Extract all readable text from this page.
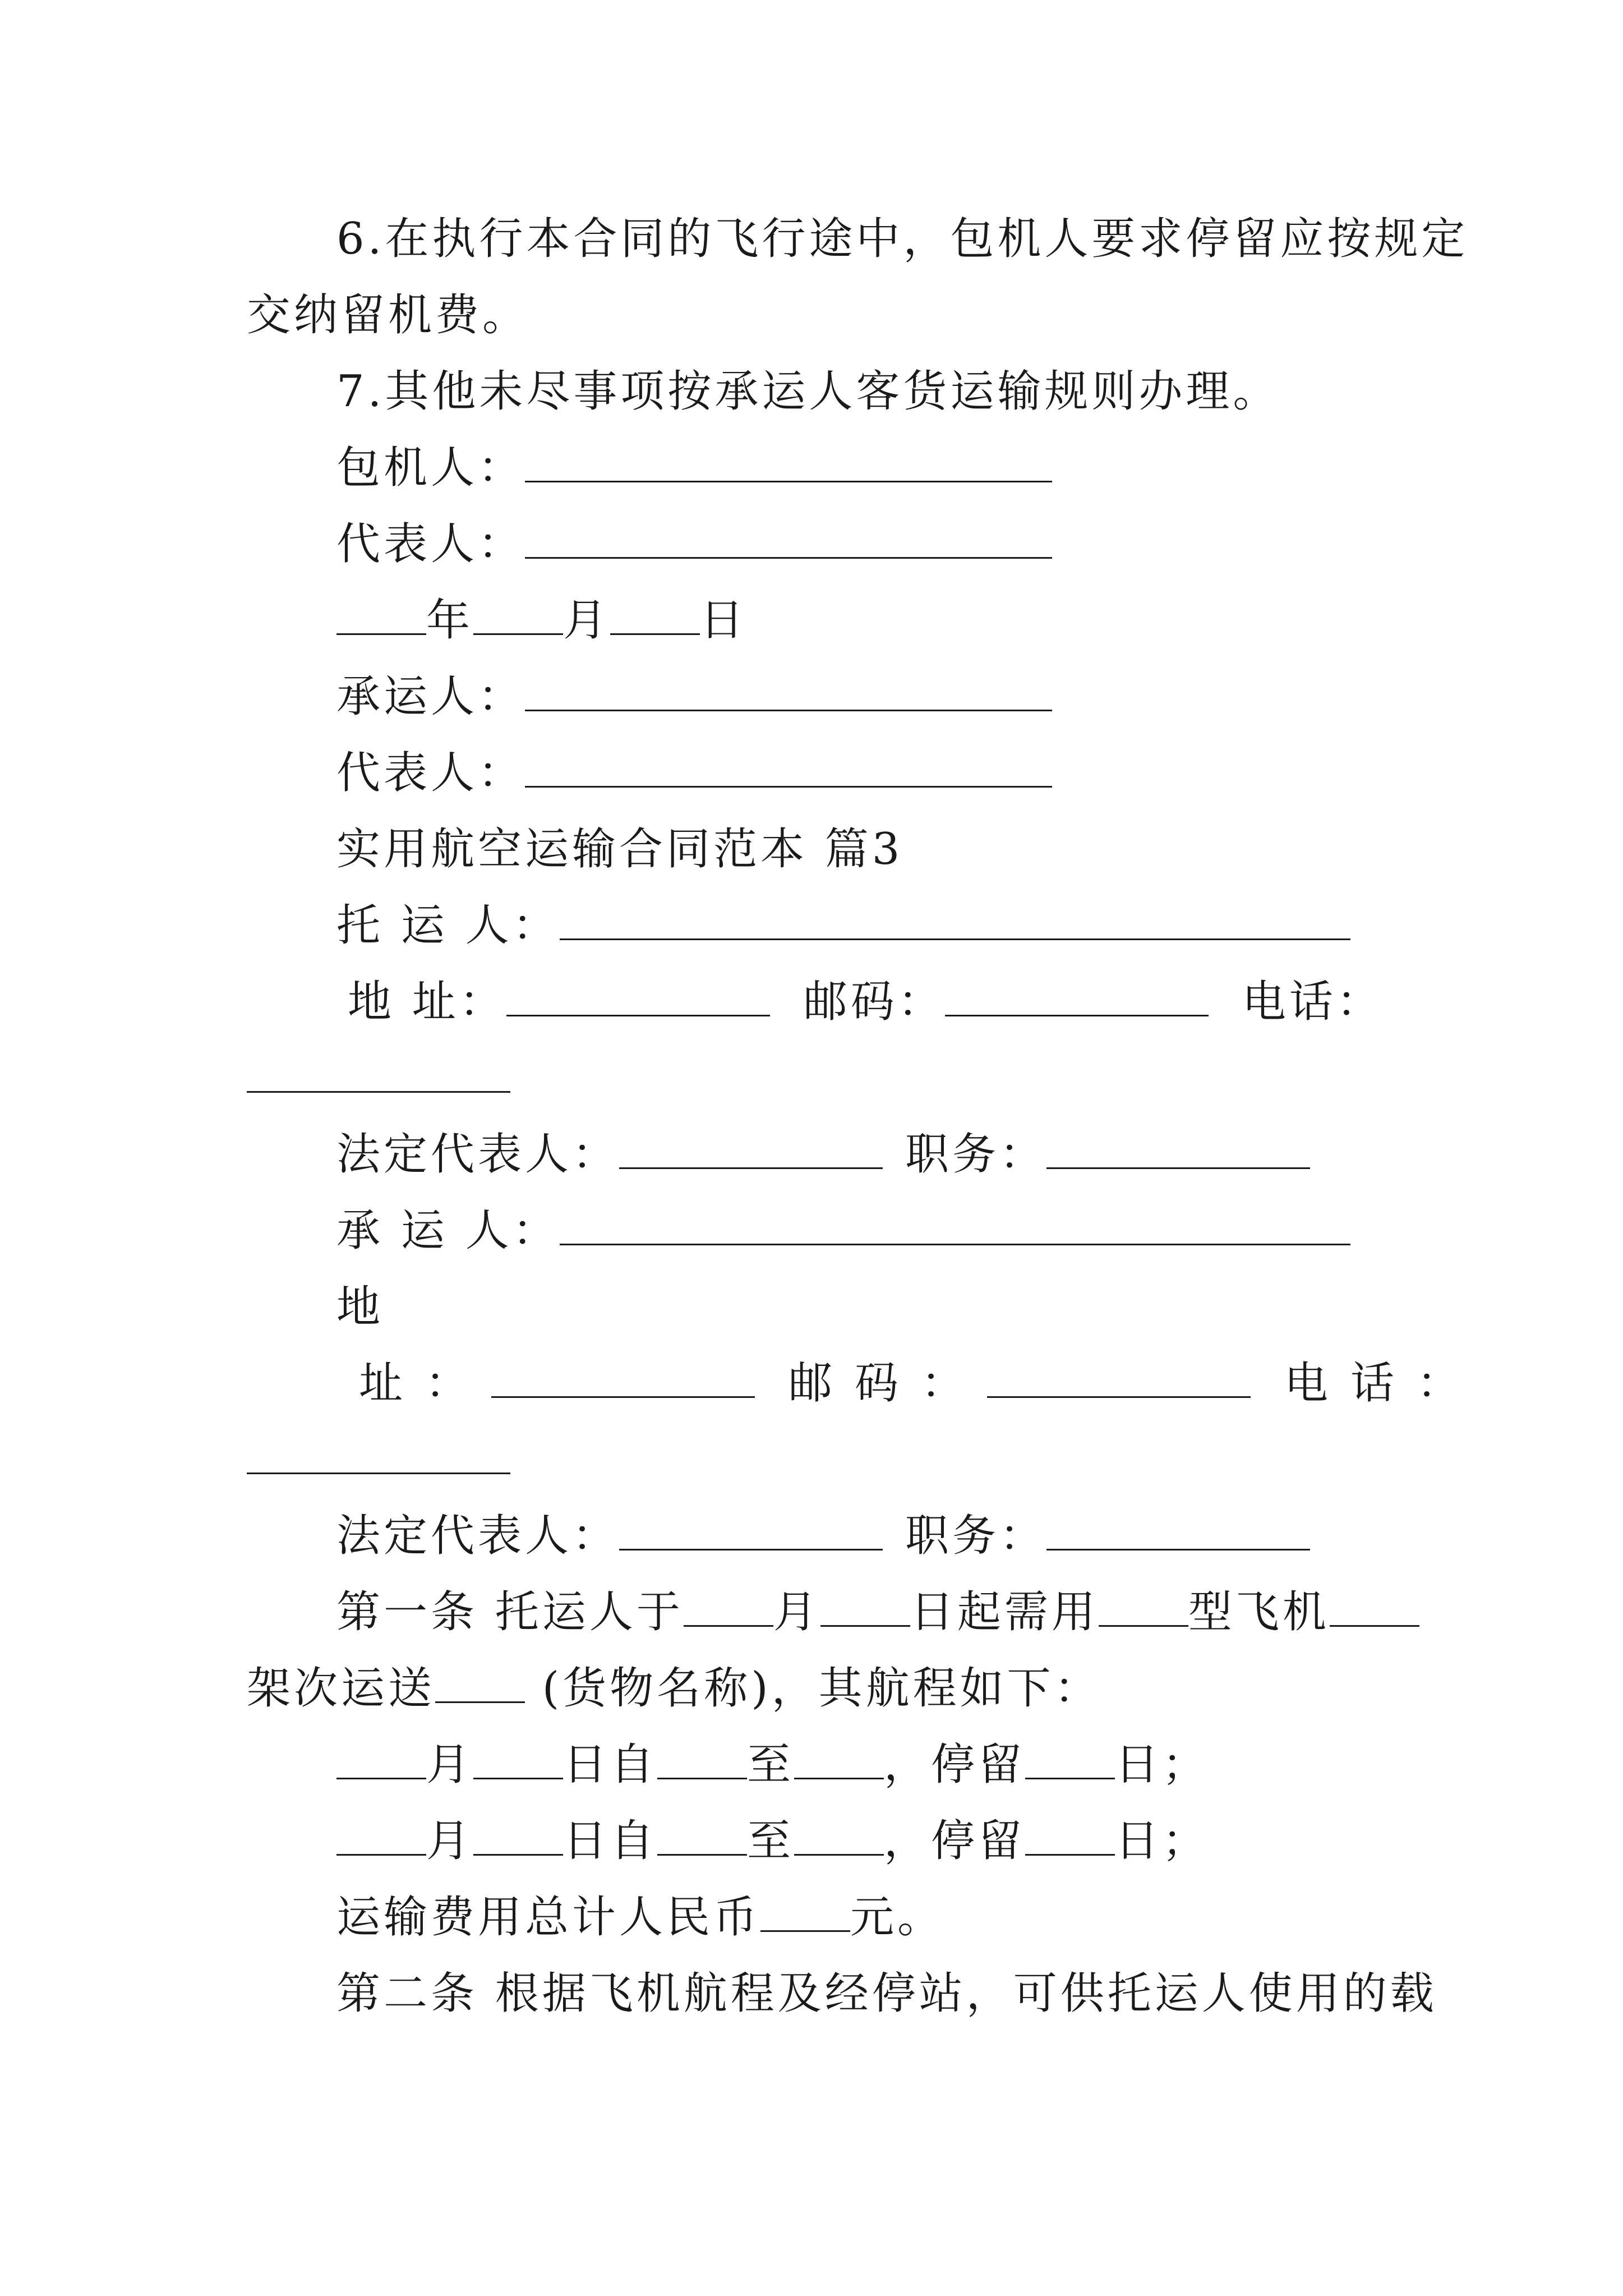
6.在执行本合同的飞行途中，包机人要求停留应按规定
交纳留机费。
7.其他未尽事项按承运人客货运输规则办理。
包机人：
代表人：
年 月 日
承运人：
代表人：
实用航空运输合同范本 篇3
托 运 人：
地 址：	邮码：	电话：
法定代表人：	职务：
承 运 人：
地
址：	邮码：	电话：
法定代表人：	职务：
第一条 托运人于 月 日起需用 型飞机
架次运送 (货物名称)，其航程如下：
月 日自 至 ，停留 日；
月 日自 至 ，停留 日；
运输费用总计人民币 元。
第二条 根据飞机航程及经停站，可供托运人使用的载
